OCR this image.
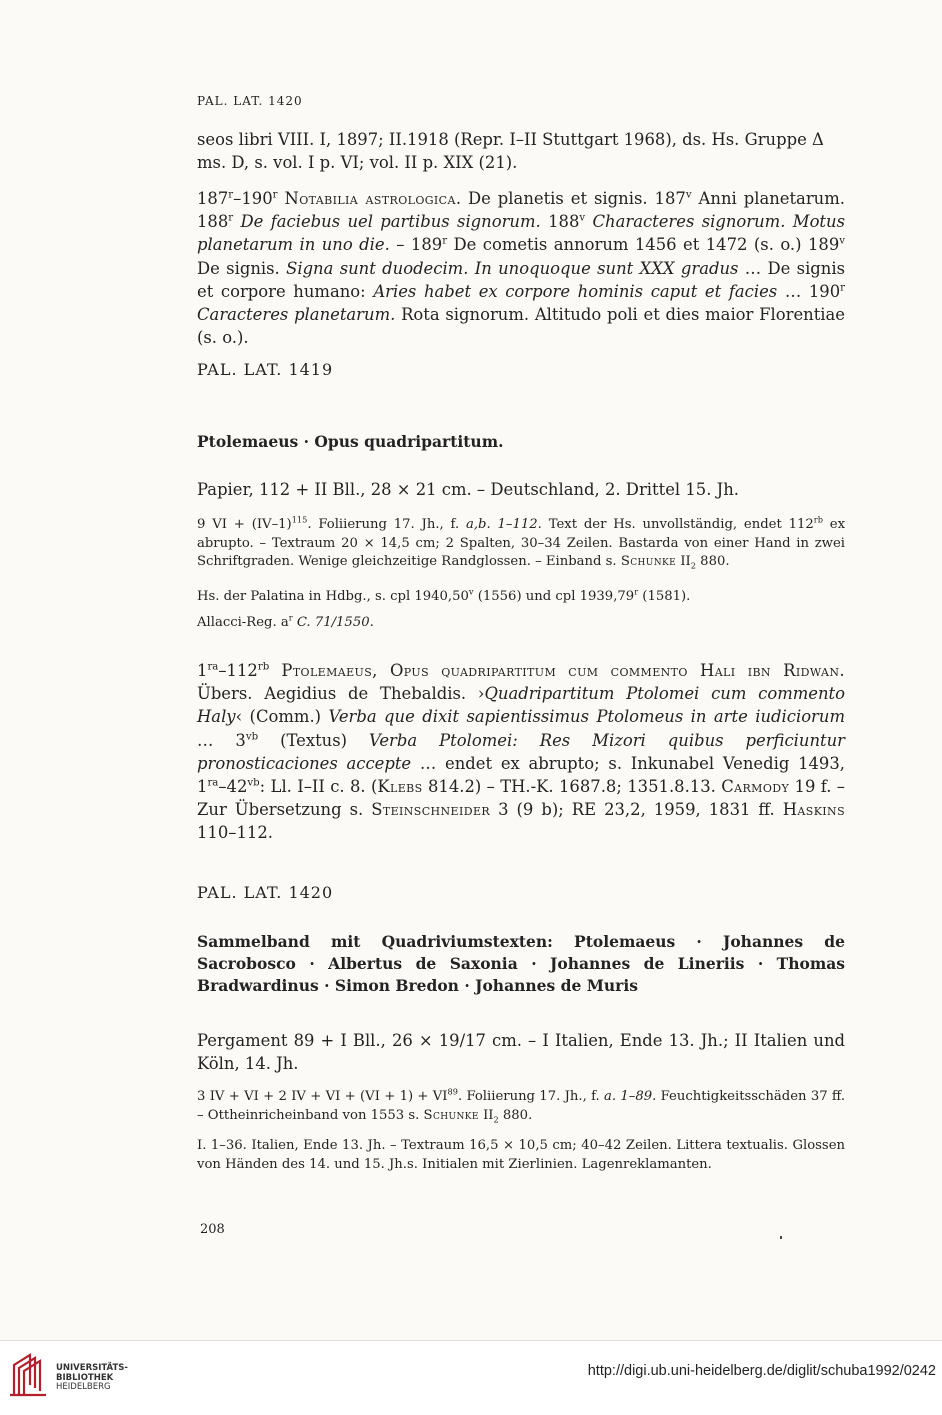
PAL. LAT. 1420

seos libri VIII. I, 1897; II.1918 (Repr. I–II Stuttgart 1968), ds. Hs. Gruppe Δ
ms. D, s. vol. I p. VI; vol. II p. XIX (21).

187$^r$–190$^r$ Notabilia astrologica. De planetis et signis. 187$^v$ Anni planetarum. 188$^r$ De faciebus uel partibus signorum. 188$^v$ Characteres signorum. Motus planetarum in uno die. – 189$^r$ De cometis annorum 1456 et 1472 (s. o.) 189$^v$ De signis. Signa sunt duodecim. In unoquoque sunt XXX gradus … De signis et corpore humano: Aries habet ex corpore hominis caput et facies … 190$^r$ Caracteres planetarum. Rota signorum. Altitudo poli et dies maior Florentiae (s. o.).

PAL. LAT. 1419
Ptolemaeus · Opus quadripartitum.
Papier, 112 + II Bll., 28 × 21 cm. – Deutschland, 2. Drittel 15. Jh.

9 VI + $(IV-1)^{115}$. Foliierung 17. Jh., f. a,b. 1–112. Text der Hs. unvollständig, endet $112^{rb}$ ex abrupto. – Textraum 20 × 14,5 cm; 2 Spalten, 30–34 Zeilen. Bastarda von einer Hand in zwei Schriftgraden. Wenige gleichzeitige Randglossen. – Einband s. Schunke $II_2$ 880.

Hs. der Palatina in Hdbg., s. cpl 1940,50$^v$ (1556) und cpl 1939,79$^r$ (1581).

Allacci-Reg. $a^r$ C. 71/1550.

$1^{ra}-112^{rb}$ Ptolemaeus, Opus quadripartitum cum commento Hali ibn Ridwan. Übers. Aegidius de Thebaldis. ›Quadripartitum Ptolomei cum commento Haly‹ (Comm.) Verba que dixit sapientissimus Ptolomeus in arte iudiciorum … $3^{vb}$ (Textus) Verba Ptolomei: Res Mizori quibus perficiuntur pronosticaciones accepte … endet ex abrupto; s. Inkunabel Venedig 1493, $1^{ra}-42^{vb}$: Ll. I–II c. 8. (Klebs 814.2) – TH.-K. 1687.8; 1351.8.13. Carmody 19 f. – Zur Übersetzung s. Steinschneider 3 (9 b); RE 23,2, 1959, 1831 ff. Haskins 110–112.

PAL. LAT. 1420
Sammelband mit Quadriviumstexten: Ptolemaeus · Johannes de Sacrobosco · Albertus de Saxonia · Johannes de Lineriis · Thomas Bradwardinus · Simon Bredon · Johannes de Muris
Pergament 89 + I Bll., 26 × 19/17 cm. – I Italien, Ende 13. Jh.; II Italien und Köln, 14. Jh.

3 IV + VI + 2 IV + VI + $(VI + 1) + VI^{89}$. Foliierung 17. Jh., f. a. 1–89. Feuchtigkeitsschäden 37 ff. – Ottheinricheinband von 1553 s. Schunke $II_2$ 880.

I. 1–36. Italien, Ende 13. Jh. – Textraum 16,5 × 10,5 cm; 40–42 Zeilen. Littera textualis. Glossen von Händen des 14. und 15. Jh.s. Initialen mit Zierlinien. Lagenreklamanten.
208
UNIVERSITÄTS-
BIBLIOTHEK
HEIDELBERG
http://digi.ub.uni-heidelberg.de/diglit/schuba1992/0242
